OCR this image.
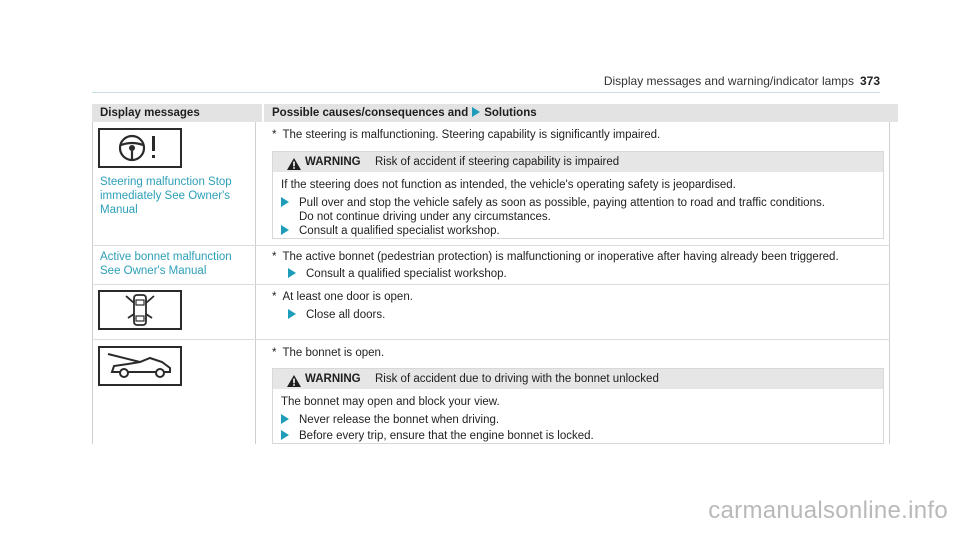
Display messages and warning/indicator lamps 373
Display messages	Possible causes/consequences and Solutions
Steering malfunction Stop
immediately See Owner's
Manual
* The steering is malfunctioning. Steering capability is significantly impaired.
WARNING Risk of accident if steering capability is impaired
If the steering does not function as intended, the vehicle's operating safety is jeopardised.
Pull over and stop the vehicle safely as soon as possible, paying attention to road and traffic conditions.
Do not continue driving under any circumstances.
Consult a qualified specialist workshop.
Active bonnet malfunction
See Owner's Manual
* The active bonnet (pedestrian protection) is malfunctioning or inoperative after having already been triggered.
Consult a qualified specialist workshop.
* At least one door is open.
Close all doors.
* The bonnet is open.
WARNING Risk of accident due to driving with the bonnet unlocked
The bonnet may open and block your view.
Never release the bonnet when driving.
Before every trip, ensure that the engine bonnet is locked.
carmanualsonline.info
